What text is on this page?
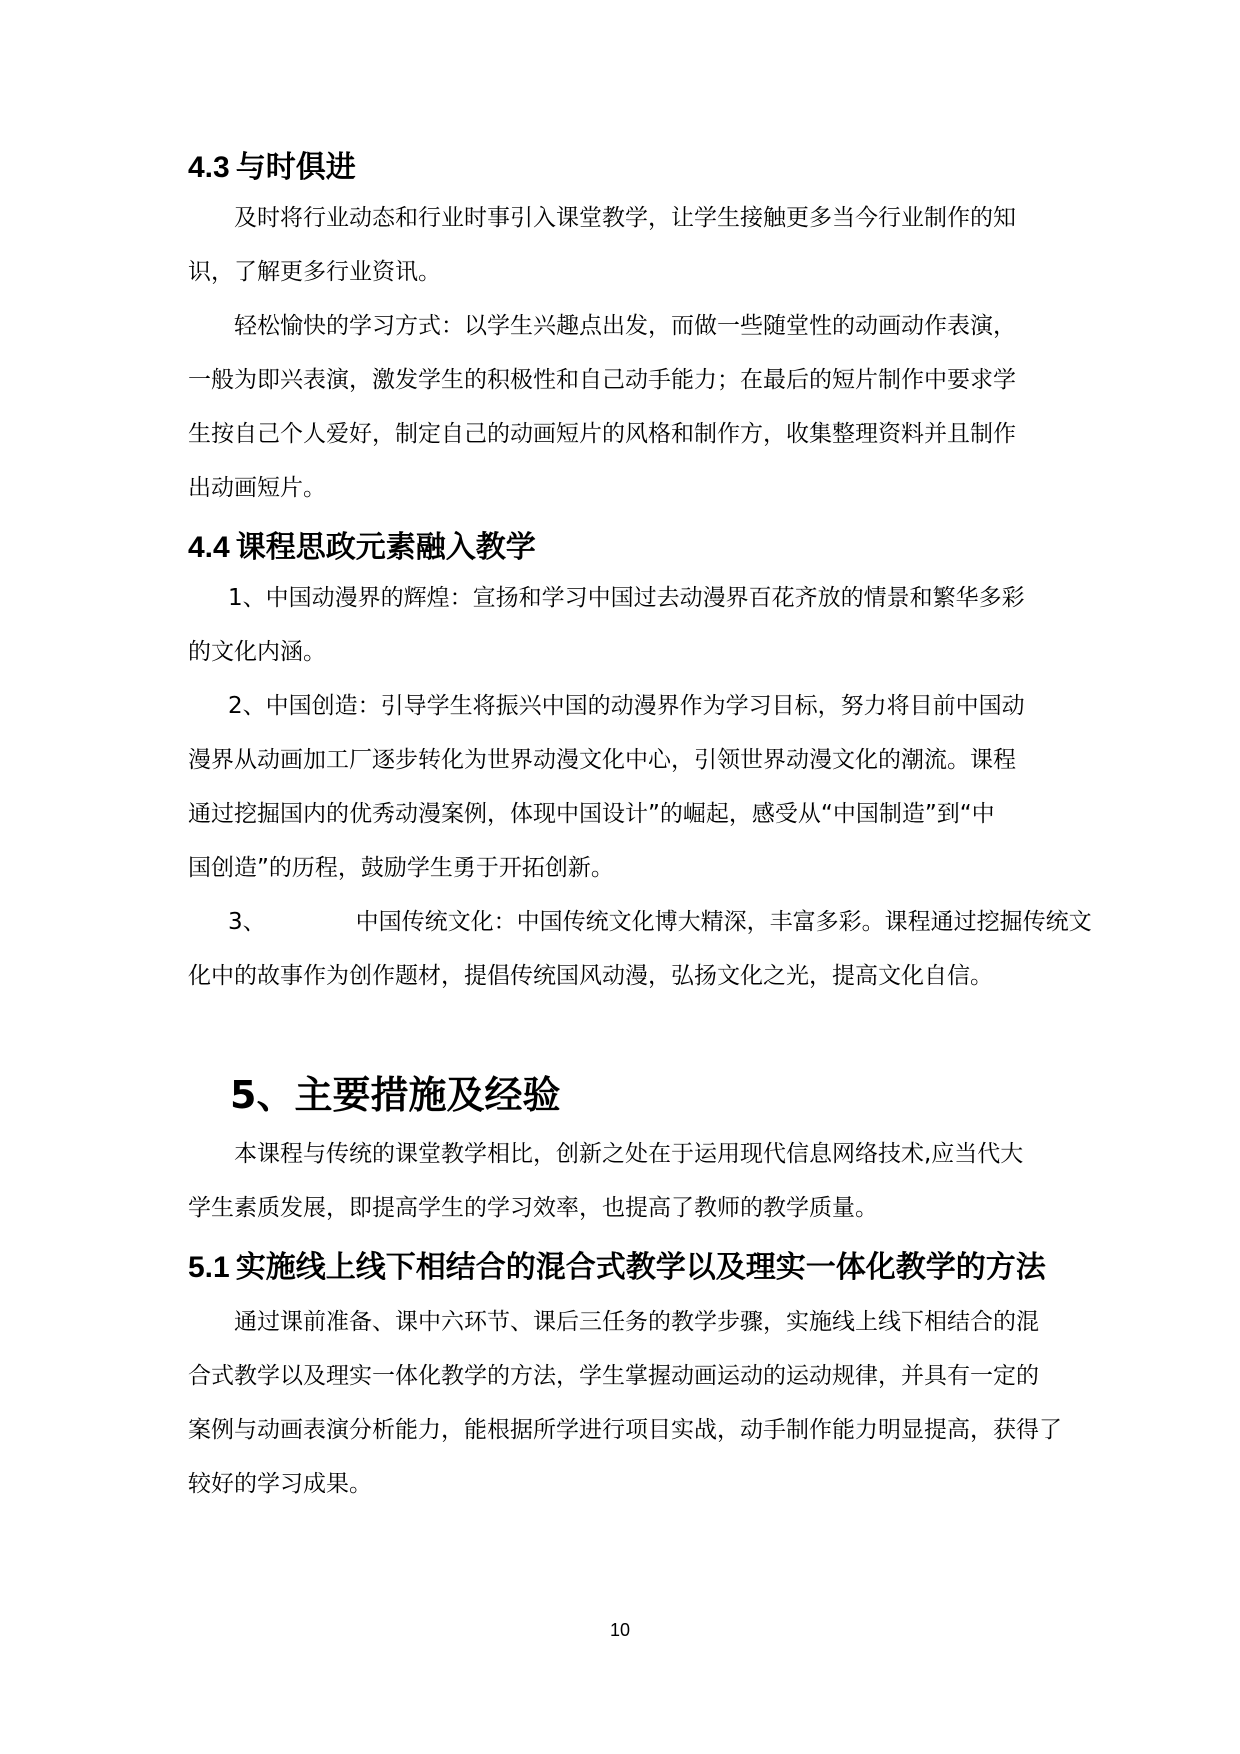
4.3 与时俱进

及时将行业动态和行业时事引入课堂教学，让学生接触更多当今行业制作的知

识，了解更多行业资讯。

轻松愉快的学习方式：以学生兴趣点出发，而做一些随堂性的动画动作表演，

一般为即兴表演，激发学生的积极性和自己动手能力；在最后的短片制作中要求学

生按自己个人爱好，制定自己的动画短片的风格和制作方，收集整理资料并且制作

出动画短片。

4.4 课程思政元素融入教学

1、中国动漫界的辉煌：宣扬和学习中国过去动漫界百花齐放的情景和繁华多彩

的文化内涵。

2、中国创造：引导学生将振兴中国的动漫界作为学习目标，努力将目前中国动

漫界从动画加工厂逐步转化为世界动漫文化中心，引领世界动漫文化的潮流。课程

通过挖掘国内的优秀动漫案例，体现中国设计”的崛起，感受从“中国制造”到“中

国创造”的历程，鼓励学生勇于开拓创新。

3、	中国传统文化：中国传统文化博大精深，丰富多彩。课程通过挖掘传统文

化中的故事作为创作题材，提倡传统国风动漫，弘扬文化之光，提高文化自信。

5、主要措施及经验

本课程与传统的课堂教学相比，创新之处在于运用现代信息网络技术,应当代大

学生素质发展，即提高学生的学习效率，也提高了教师的教学质量。

5.1 实施线上线下相结合的混合式教学以及理实一体化教学的方法

通过课前准备、课中六环节、课后三任务的教学步骤，实施线上线下相结合的混

合式教学以及理实一体化教学的方法，学生掌握动画运动的运动规律，并具有一定的

案例与动画表演分析能力，能根据所学进行项目实战，动手制作能力明显提高，获得了

较好的学习成果。

10
